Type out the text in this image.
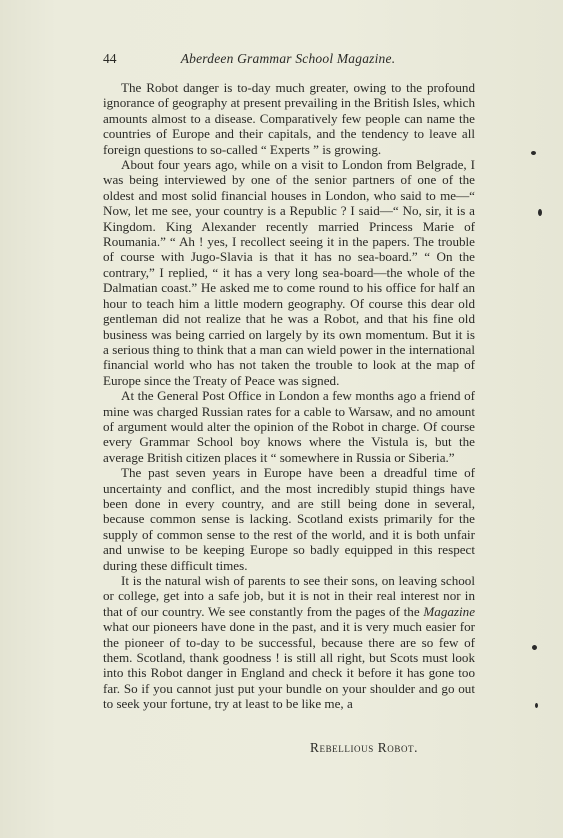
44	Aberdeen Grammar School Magazine.

The Robot danger is to-day much greater, owing to the profound ignorance of geography at present prevailing in the British Isles, which amounts almost to a disease. Comparatively few people can name the countries of Europe and their capitals, and the tendency to leave all foreign questions to so-called “ Experts ” is growing.

About four years ago, while on a visit to London from Belgrade, I was being interviewed by one of the senior partners of one of the oldest and most solid financial houses in London, who said to me—“ Now, let me see, your country is a Republic ? I said—“ No, sir, it is a Kingdom. King Alexander recently married Princess Marie of Roumania.” “ Ah ! yes, I recollect seeing it in the papers. The trouble of course with Jugo-Slavia is that it has no sea-board.” “ On the contrary,” I replied, “ it has a very long sea-board—the whole of the Dalmatian coast.” He asked me to come round to his office for half an hour to teach him a little modern geography. Of course this dear old gentleman did not realize that he was a Robot, and that his fine old business was being carried on largely by its own momentum. But it is a serious thing to think that a man can wield power in the international financial world who has not taken the trouble to look at the map of Europe since the Treaty of Peace was signed.

At the General Post Office in London a few months ago a friend of mine was charged Russian rates for a cable to Warsaw, and no amount of argument would alter the opinion of the Robot in charge. Of course every Grammar School boy knows where the Vistula is, but the average British citizen places it “ somewhere in Russia or Siberia.”

The past seven years in Europe have been a dreadful time of uncertainty and conflict, and the most incredibly stupid things have been done in every country, and are still being done in several, because common sense is lacking. Scotland exists primarily for the supply of common sense to the rest of the world, and it is both unfair and unwise to be keeping Europe so badly equipped in this respect during these difficult times.

It is the natural wish of parents to see their sons, on leaving school or college, get into a safe job, but it is not in their real interest nor in that of our country. We see constantly from the pages of the Magazine what our pioneers have done in the past, and it is very much easier for the pioneer of to-day to be successful, because there are so few of them. Scotland, thank goodness ! is still all right, but Scots must look into this Robot danger in England and check it before it has gone too far. So if you cannot just put your bundle on your shoulder and go out to seek your fortune, try at least to be like me, a

Rebellious Robot.
